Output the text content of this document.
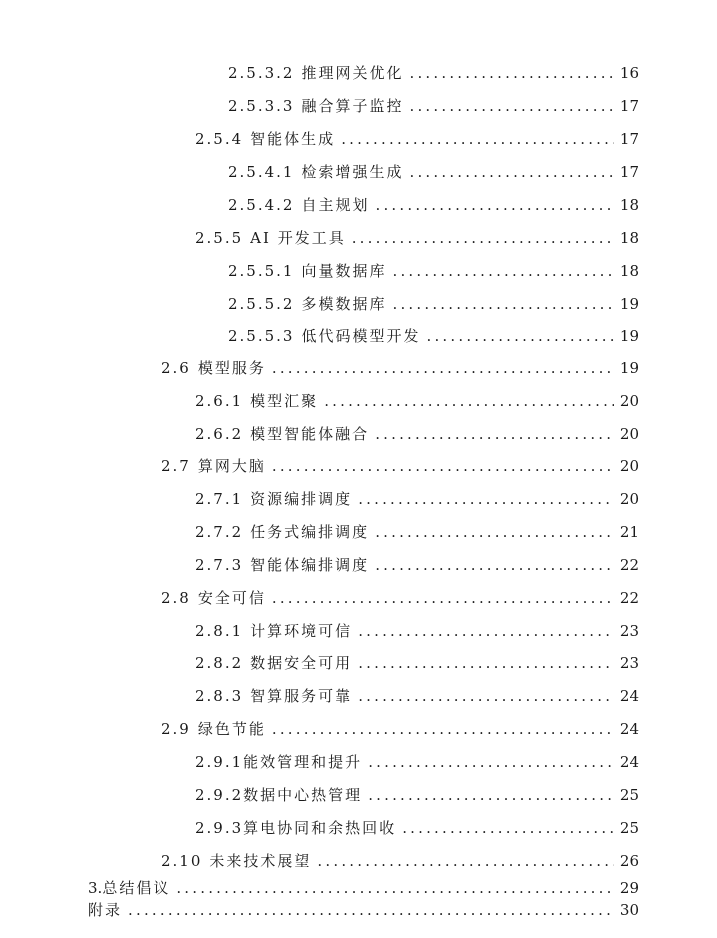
2.5.3.2 推理网关优化 .....	16
2.5.3.3 融合算子监控 .....	17
2.5.4 智能体生成 .....	17
2.5.4.1 检索增强生成 .....	17
2.5.4.2 自主规划 .....	18
2.5.5 AI 开发工具 .....	18
2.5.5.1 向量数据库 .....	18
2.5.5.2 多模数据库 .....	19
2.5.5.3 低代码模型开发 .....	19
2.6 模型服务 .....	19
2.6.1 模型汇聚 .....	20
2.6.2 模型智能体融合 .....	20
2.7 算网大脑 .....	20
2.7.1 资源编排调度 .....	20
2.7.2 任务式编排调度 .....	21
2.7.3 智能体编排调度 .....	22
2.8 安全可信 .....	22
2.8.1 计算环境可信 .....	23
2.8.2 数据安全可用 .....	23
2.8.3 智算服务可靠 .....	24
2.9 绿色节能 .....	24
2.9.1 能效管理和提升 .....	24
2.9.2 数据中心热管理 .....	25
2.9.3 算电协同和余热回收 .....	25
2.10 未来技术展望 .....	26
3. 总结倡议 .....	29
附录 .....	30
